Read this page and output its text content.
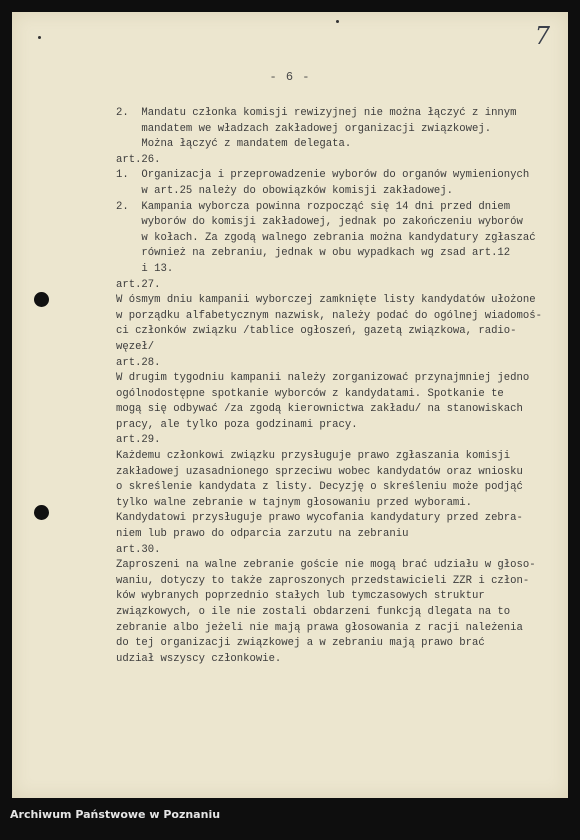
7
- 6 -
2.  Mandatu członka komisji rewizyjnej nie można łączyć z innym
mandatem we władzach zakładowej organizacji związkowej.
Można łączyć z mandatem delegata.
art.26.
1.  Organizacja i przeprowadzenie wyborów do organów wymienionych
w art.25 należy do obowiązków komisji zakładowej.
2.  Kampania wyborcza powinna rozpocząć się 14 dni przed dniem
wyborów do komisji zakładowej, jednak po zakończeniu wyborów
w kołach. Za zgodą walnego zebrania można kandydatury zgłaszać
również na zebraniu, jednak w obu wypadkach wg zsad art.12
i 13.
art.27.
W ósmym dniu kampanii wyborczej zamknięte listy kandydatów ułożone
w porządku alfabetycznym nazwisk, należy podać do ogólnej wiadomoś-
ci członków związku /tablice ogłoszeń, gazetą związkowa, radio-
węzeł/
art.28.
W drugim tygodniu kampanii należy zorganizować przynajmniej jedno
ogólnodostępne spotkanie wyborców z kandydatami. Spotkanie te
mogą się odbywać /za zgodą kierownictwa zakładu/ na stanowiskach
pracy, ale tylko poza godzinami pracy.
art.29.
Każdemu członkowi związku przysługuje prawo zgłaszania komisji
zakładowej uzasadnionego sprzeciwu wobec kandydatów oraz wniosku
o skreślenie kandydata z listy. Decyzję o skreśleniu może podjąć
tylko walne zebranie w tajnym głosowaniu przed wyborami.
Kandydatowi przysługuje prawo wycofania kandydatury przed zebra-
niem lub prawo do odparcia zarzutu na zebraniu
art.30.
Zaproszeni na walne zebranie goście nie mogą brać udziału w głoso-
waniu, dotyczy to także zaproszonych przedstawicieli ZZR i człon-
ków wybranych poprzednio stałych lub tymczasowych struktur
związkowych, o ile nie zostali obdarzeni funkcją dlegata na to
zebranie albo jeżeli nie mają prawa głosowania z racji należenia
do tej organizacji związkowej a w zebraniu mają prawo brać
udział wszyscy członkowie.
Archiwum Państwowe w Poznaniu
